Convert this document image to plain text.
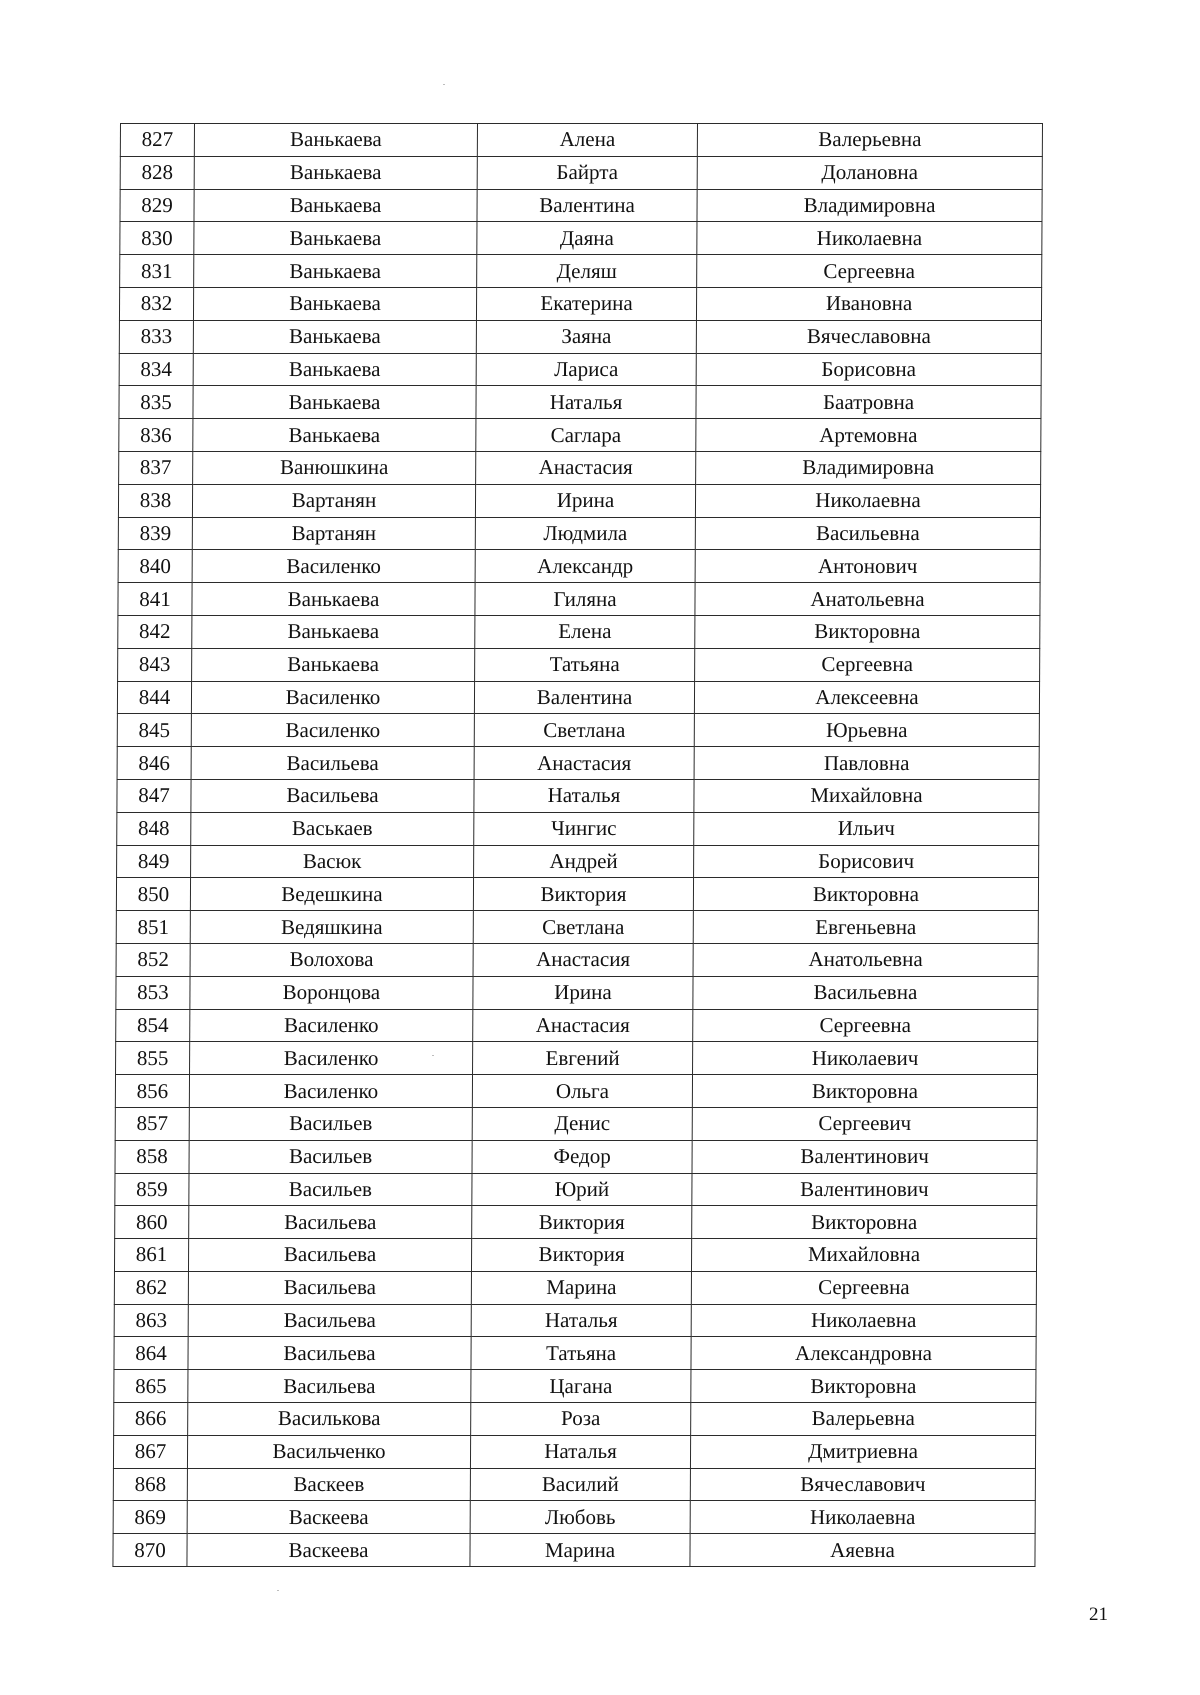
827	Ванькаева	Алена	Валерьевна
828	Ванькаева	Байрта	Долановна
829	Ванькаева	Валентина	Владимировна
830	Ванькаева	Даяна	Николаевна
831	Ванькаева	Деляш	Сергеевна
832	Ванькаева	Екатерина	Ивановна
833	Ванькаева	Заяна	Вячеславовна
834	Ванькаева	Лариса	Борисовна
835	Ванькаева	Наталья	Баатровна
836	Ванькаева	Саглара	Артемовна
837	Ванюшкина	Анастасия	Владимировна
838	Вартанян	Ирина	Николаевна
839	Вартанян	Людмила	Васильевна
840	Василенко	Александр	Антонович
841	Ванькаева	Гиляна	Анатольевна
842	Ванькаева	Елена	Викторовна
843	Ванькаева	Татьяна	Сергеевна
844	Василенко	Валентина	Алексеевна
845	Василенко	Светлана	Юрьевна
846	Васильева	Анастасия	Павловна
847	Васильева	Наталья	Михайловна
848	Васькаев	Чингис	Ильич
849	Васюк	Андрей	Борисович
850	Ведешкина	Виктория	Викторовна
851	Ведяшкина	Светлана	Евгеньевна
852	Волохова	Анастасия	Анатольевна
853	Воронцова	Ирина	Васильевна
854	Василенко	Анастасия	Сергеевна
855	Василенко	Евгений	Николаевич
856	Василенко	Ольга	Викторовна
857	Васильев	Денис	Сергеевич
858	Васильев	Федор	Валентинович
859	Васильев	Юрий	Валентинович
860	Васильева	Виктория	Викторовна
861	Васильева	Виктория	Михайловна
862	Васильева	Марина	Сергеевна
863	Васильева	Наталья	Николаевна
864	Васильева	Татьяна	Александровна
865	Васильева	Цагана	Викторовна
866	Василькова	Роза	Валерьевна
867	Васильченко	Наталья	Дмитриевна
868	Васкеев	Василий	Вячеславович
869	Васкеева	Любовь	Николаевна
870	Васкеева	Марина	Аяевна
21
